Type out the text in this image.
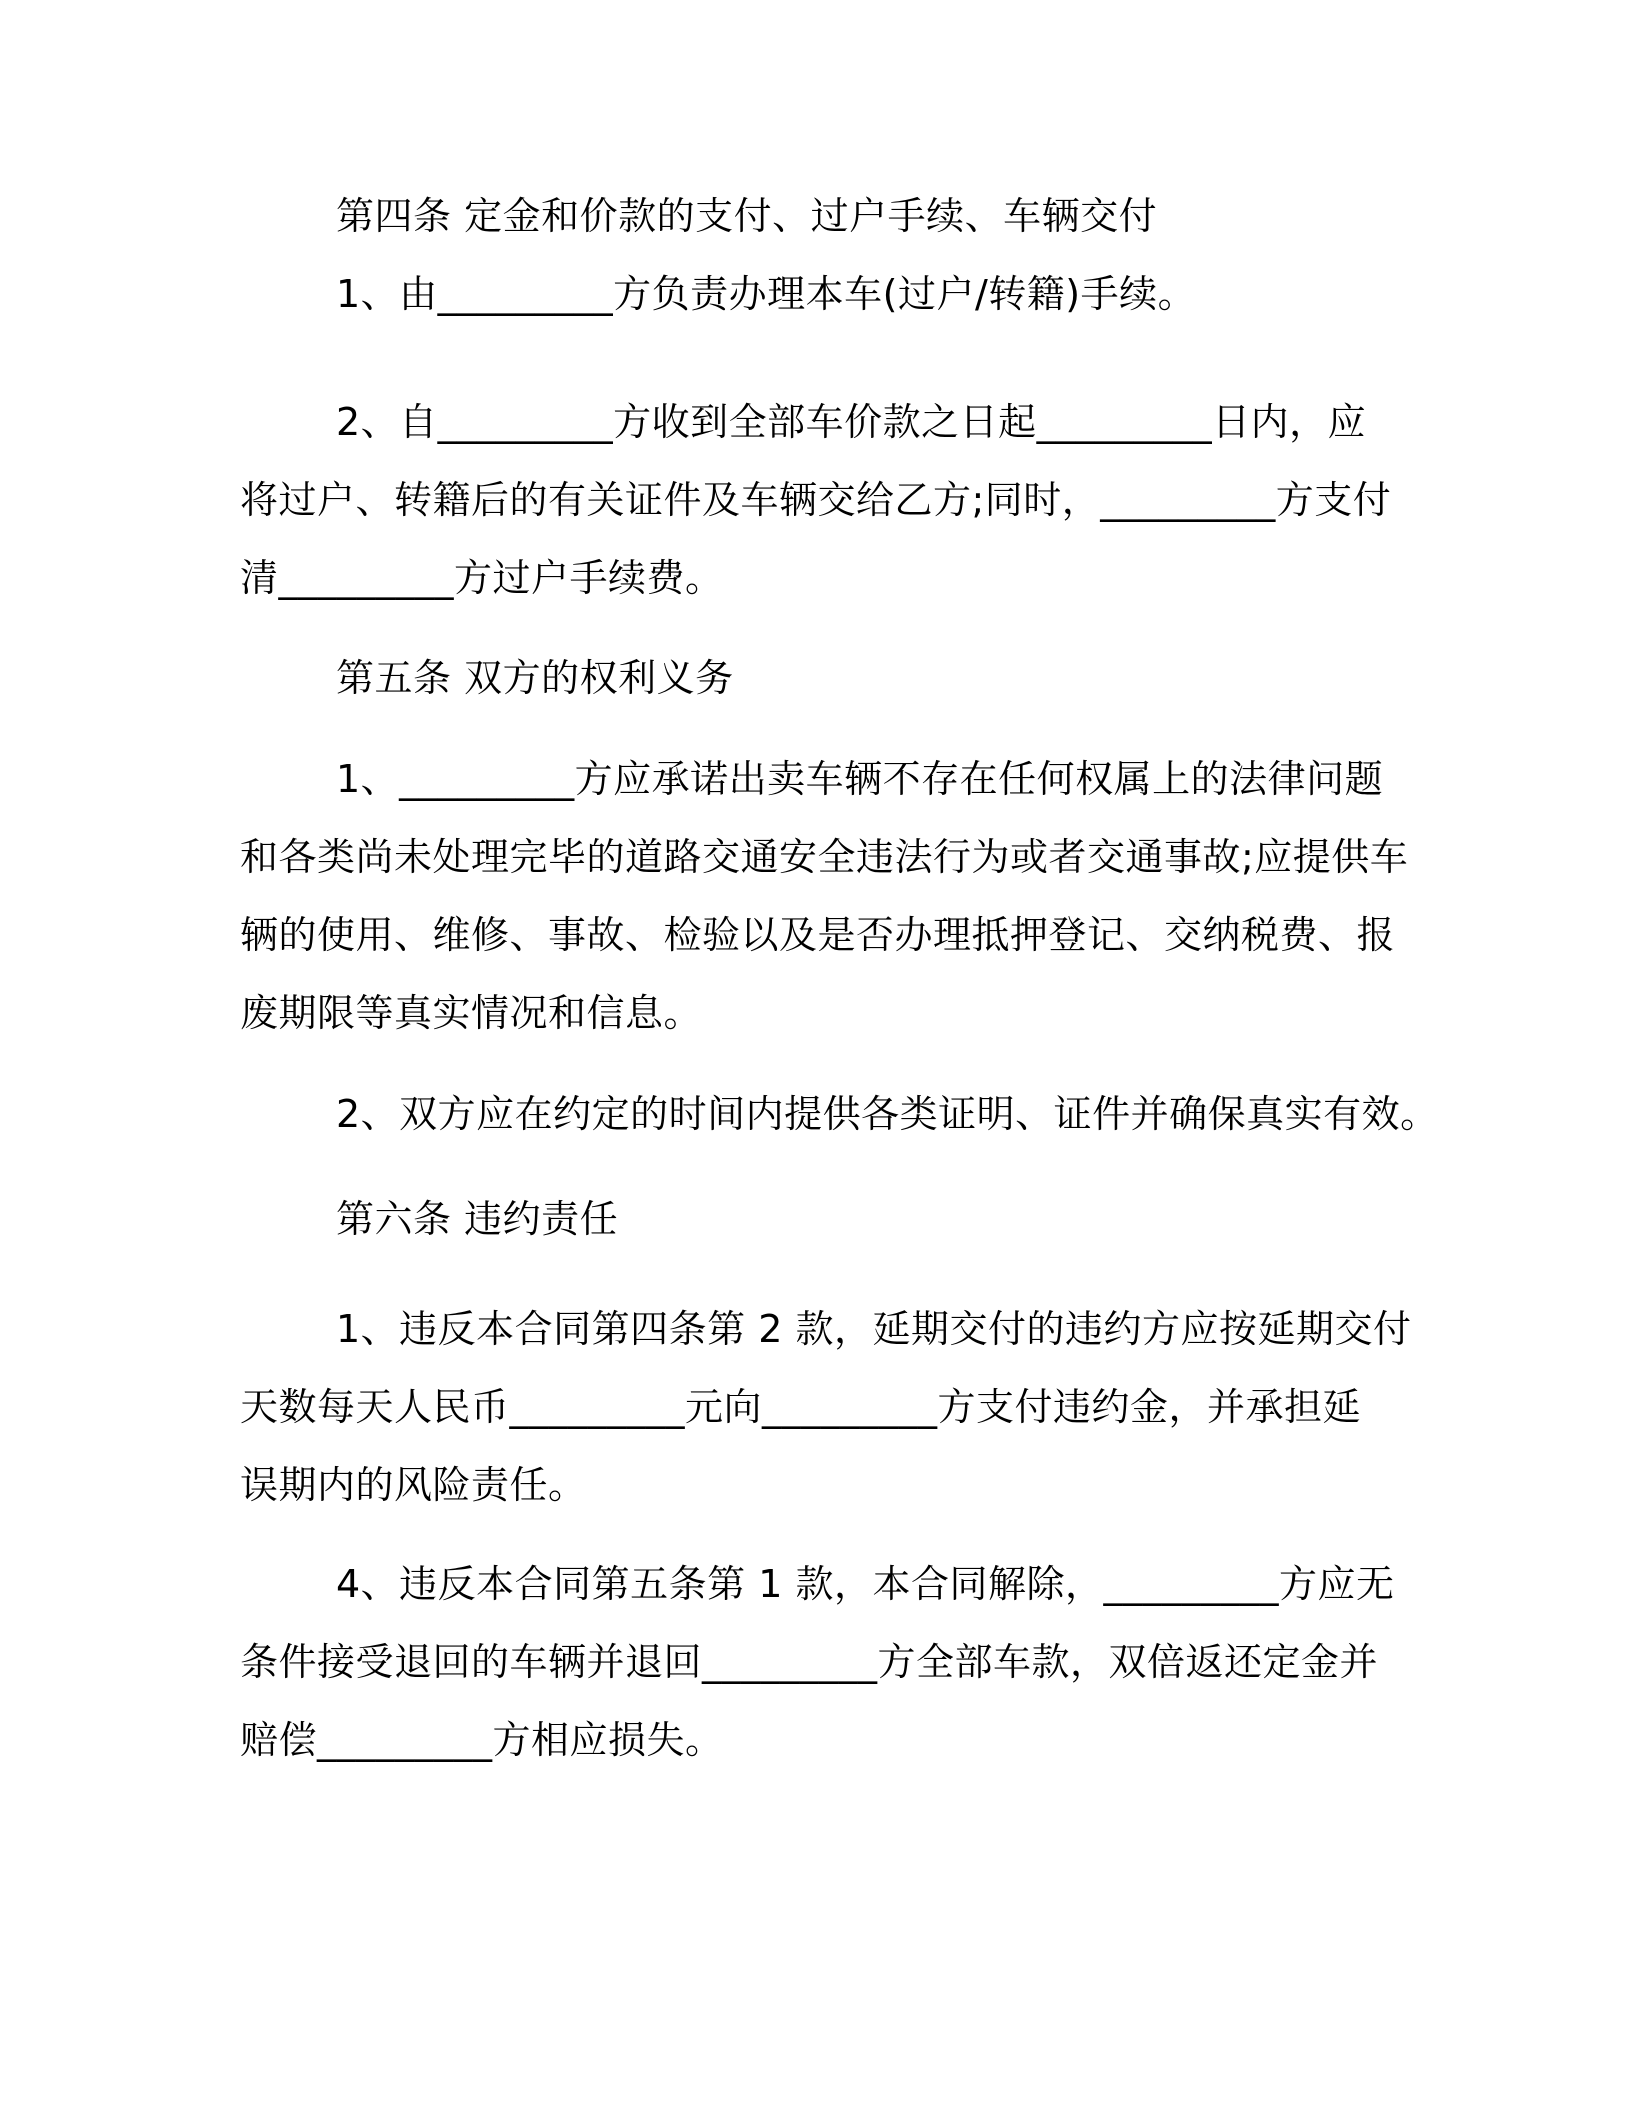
第四条 定金和价款的支付、过户手续、车辆交付
1、由_________方负责办理本车(过户/转籍)手续。
2、自_________方收到全部车价款之日起_________日内，应
将过户、转籍后的有关证件及车辆交给乙方;同时，_________方支付
清_________方过户手续费。
第五条 双方的权利义务
1、_________方应承诺出卖车辆不存在任何权属上的法律问题
和各类尚未处理完毕的道路交通安全违法行为或者交通事故;应提供车
辆的使用、维修、事故、检验以及是否办理抵押登记、交纳税费、报
废期限等真实情况和信息。
2、双方应在约定的时间内提供各类证明、证件并确保真实有效。
第六条 违约责任
1、违反本合同第四条第 2 款，延期交付的违约方应按延期交付
天数每天人民币_________元向_________方支付违约金，并承担延
误期内的风险责任。
4、违反本合同第五条第 1 款，本合同解除，_________方应无
条件接受退回的车辆并退回_________方全部车款，双倍返还定金并
赔偿_________方相应损失。
